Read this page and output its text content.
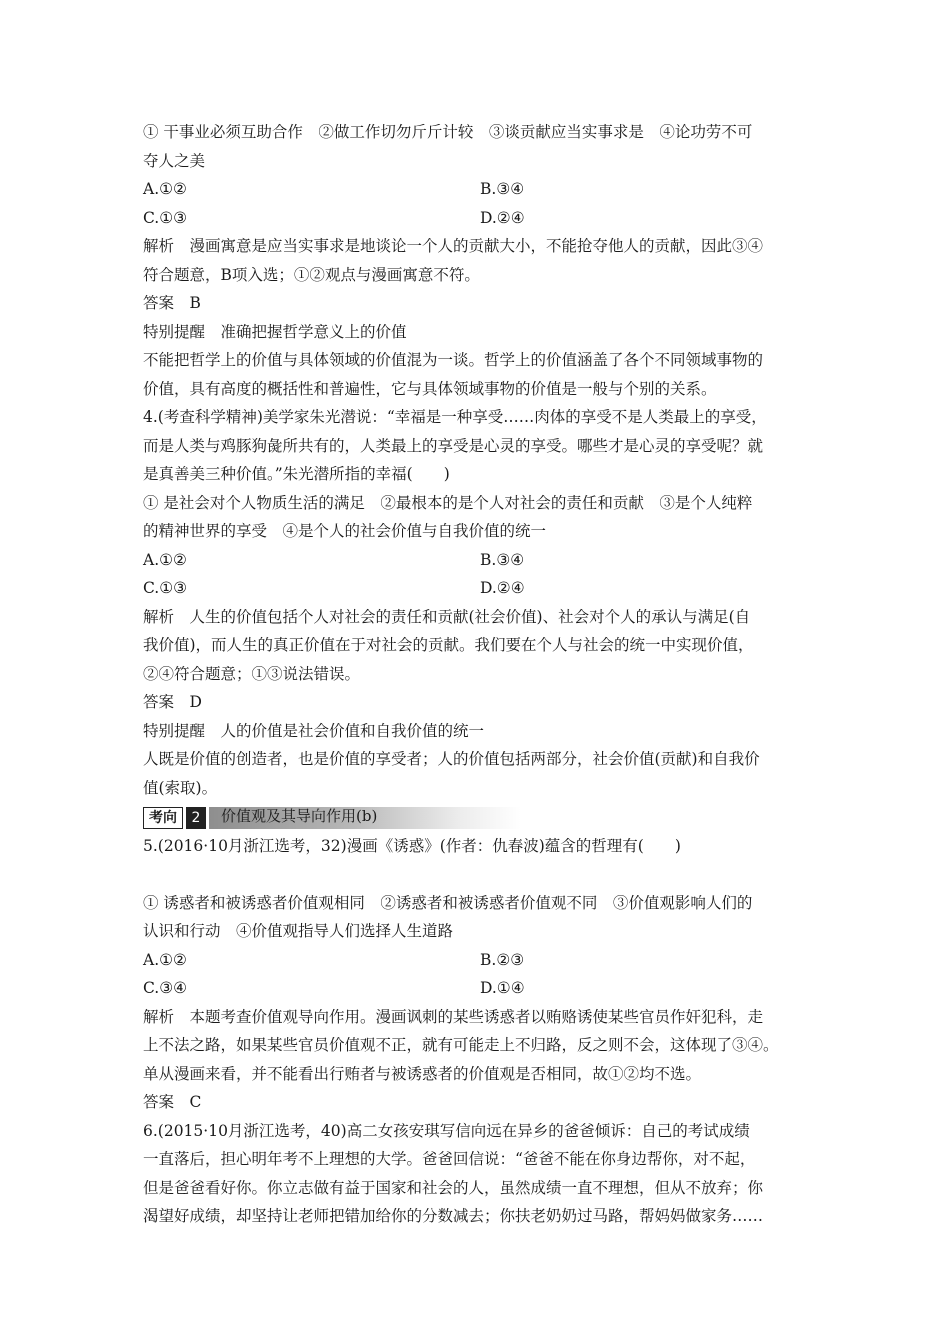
① 干事业必须互助合作　②做工作切勿斤斤计较　③谈贡献应当实事求是　④论功劳不可

夺人之美

A.①②	B.③④
C.①③	D.②④

解析　漫画寓意是应当实事求是地谈论一个人的贡献大小，不能抢夺他人的贡献，因此③④

符合题意，B项入选；①②观点与漫画寓意不符。

答案　B

特别提醒　准确把握哲学意义上的价值

不能把哲学上的价值与具体领域的价值混为一谈。哲学上的价值涵盖了各个不同领域事物的

价值，具有高度的概括性和普遍性，它与具体领域事物的价值是一般与个别的关系。

4.(考查科学精神)美学家朱光潜说：“幸福是一种享受……肉体的享受不是人类最上的享受，

而是人类与鸡豚狗彘所共有的，人类最上的享受是心灵的享受。哪些才是心灵的享受呢？就

是真善美三种价值。”朱光潜所指的幸福(　　)

① 是社会对个人物质生活的满足　②最根本的是个人对社会的责任和贡献　③是个人纯粹

的精神世界的享受　④是个人的社会价值与自我价值的统一

A.①②	B.③④
C.①③	D.②④

解析　人生的价值包括个人对社会的责任和贡献(社会价值)、社会对个人的承认与满足(自

我价值)，而人生的真正价值在于对社会的贡献。我们要在个人与社会的统一中实现价值，

②④符合题意；①③说法错误。

答案　D

特别提醒　人的价值是社会价值和自我价值的统一

人既是价值的创造者，也是价值的享受者；人的价值包括两部分，社会价值(贡献)和自我价

值(索取)。

考向	2	价值观及其导向作用(b)

5.(2016·10月浙江选考，32)漫画《诱惑》(作者：仇春波)蕴含的哲理有(　　)

① 诱惑者和被诱惑者价值观相同　②诱惑者和被诱惑者价值观不同　③价值观影响人们的

认识和行动　④价值观指导人们选择人生道路

A.①②	B.②③
C.③④	D.①④

解析　本题考查价值观导向作用。漫画讽刺的某些诱惑者以贿赂诱使某些官员作奸犯科，走

上不法之路，如果某些官员价值观不正，就有可能走上不归路，反之则不会，这体现了③④。

单从漫画来看，并不能看出行贿者与被诱惑者的价值观是否相同，故①②均不选。

答案　C

6.(2015·10月浙江选考，40)高二女孩安琪写信向远在异乡的爸爸倾诉：自己的考试成绩

一直落后，担心明年考不上理想的大学。爸爸回信说：“爸爸不能在你身边帮你，对不起，

但是爸爸看好你。你立志做有益于国家和社会的人，虽然成绩一直不理想，但从不放弃；你

渴望好成绩，却坚持让老师把错加给你的分数减去；你扶老奶奶过马路，帮妈妈做家务……
